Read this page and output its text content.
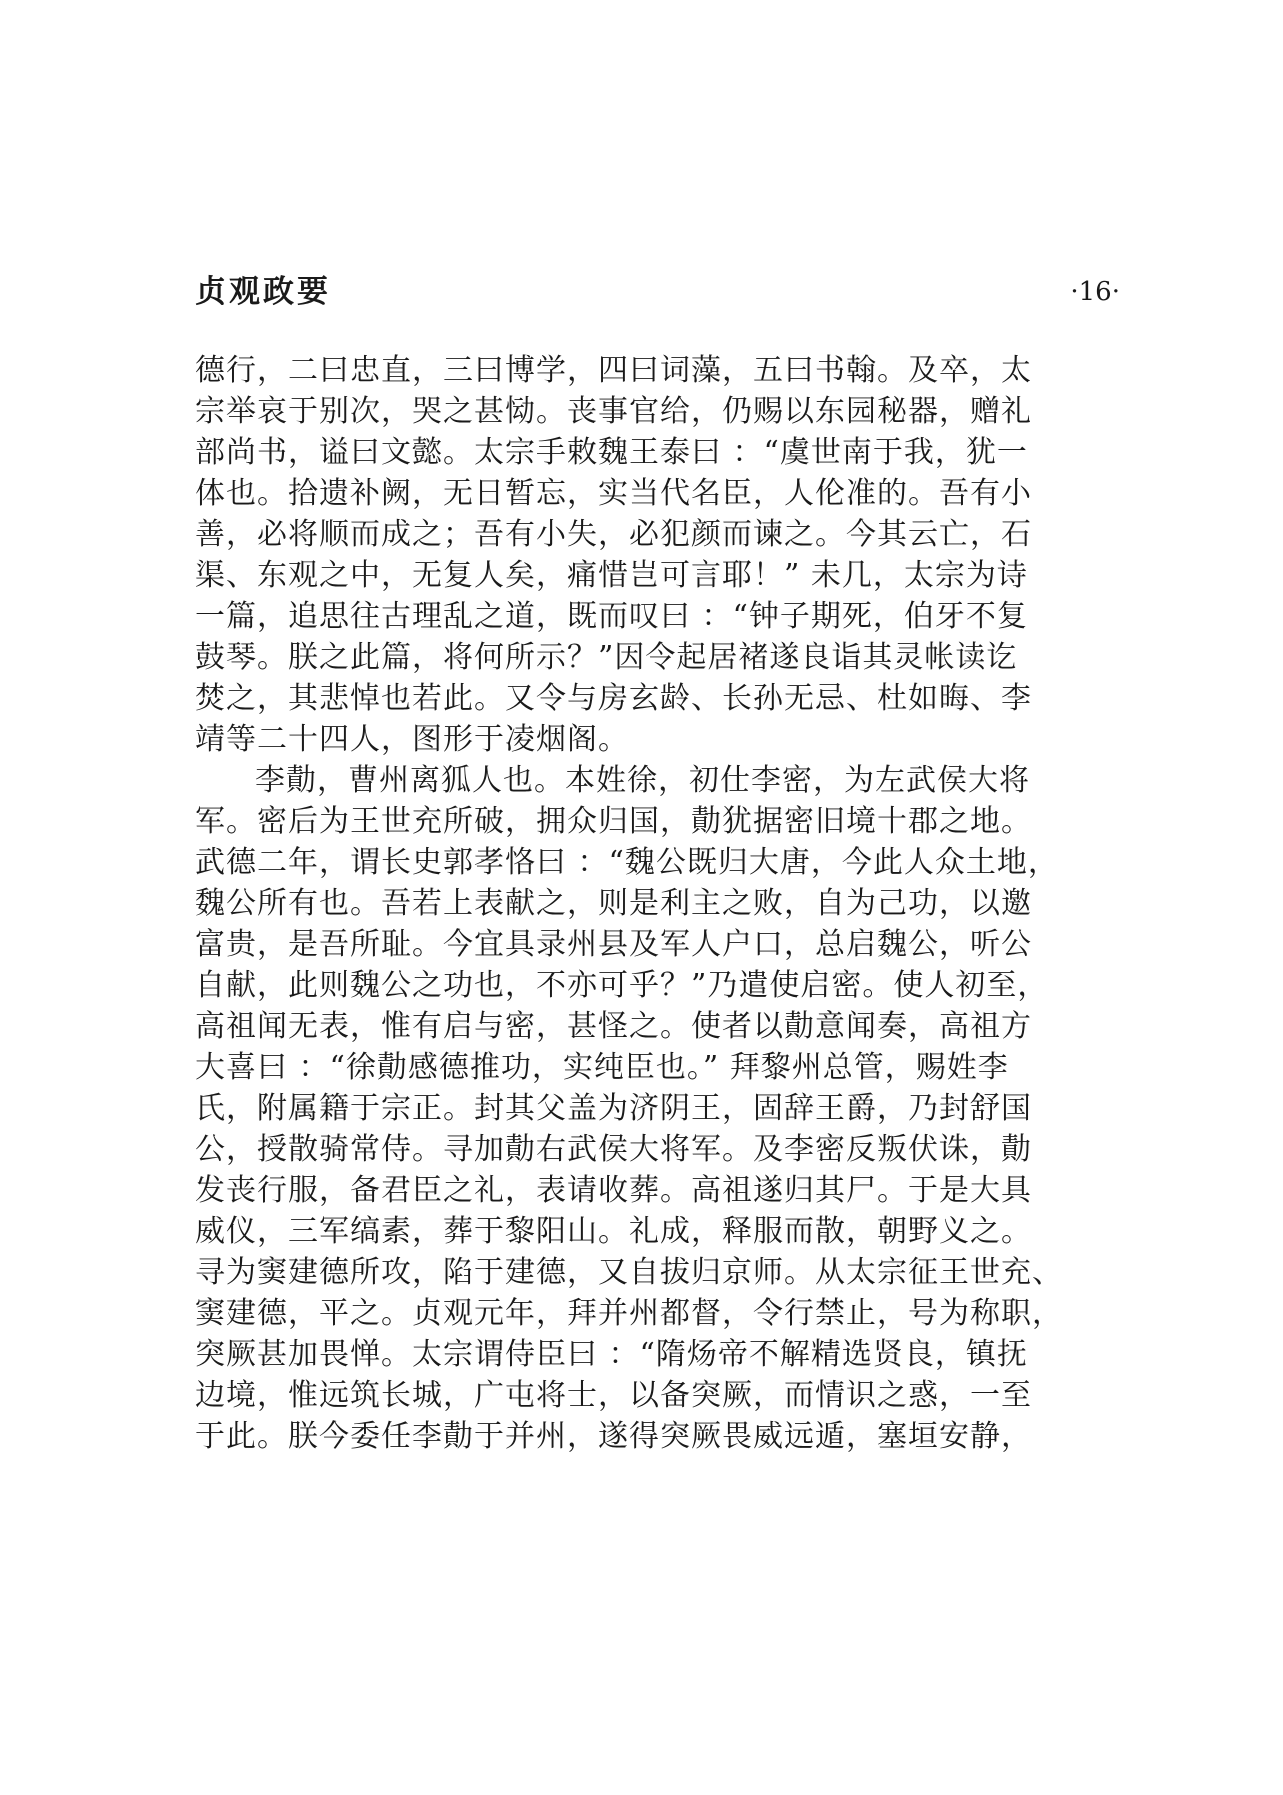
贞观政要	·16·
德行，二曰忠直，三曰博学，四曰词藻，五曰书翰。及卒，太
宗举哀于别次，哭之甚恸。丧事官给，仍赐以东园秘器，赠礼
部尚书，谥曰文懿。太宗手敕魏王泰曰 ：“虞世南于我，犹一
体也。拾遗补阙，无日暂忘，实当代名臣，人伦准的。吾有小
善，必将顺而成之；吾有小失，必犯颜而谏之。今其云亡，石
渠、东观之中，无复人矣，痛惜岂可言耶！” 未几，太宗为诗
一篇，追思往古理乱之道，既而叹曰 ：“钟子期死，伯牙不复
鼓琴。朕之此篇，将何所示？”因令起居褚遂良诣其灵帐读讫
焚之，其悲悼也若此。又令与房玄龄、长孙无忌、杜如晦、李
靖等二十四人，图形于凌烟阁。
李勣，曹州离狐人也。本姓徐，初仕李密，为左武侯大将
军。密后为王世充所破，拥众归国，勣犹据密旧境十郡之地。
武德二年，谓长史郭孝恪曰 ：“魏公既归大唐，今此人众土地，
魏公所有也。吾若上表献之，则是利主之败，自为己功，以邀
富贵，是吾所耻。今宜具录州县及军人户口，总启魏公，听公
自献，此则魏公之功也，不亦可乎？”乃遣使启密。使人初至，
高祖闻无表，惟有启与密，甚怪之。使者以勣意闻奏，高祖方
大喜曰 ：“徐勣感德推功，实纯臣也。” 拜黎州总管，赐姓李
氏，附属籍于宗正。封其父盖为济阴王，固辞王爵，乃封舒国
公，授散骑常侍。寻加勣右武侯大将军。及李密反叛伏诛，勣
发丧行服，备君臣之礼，表请收葬。高祖遂归其尸。于是大具
威仪，三军缟素，葬于黎阳山。礼成，释服而散，朝野义之。
寻为窦建德所攻，陷于建德，又自拔归京师。从太宗征王世充、
窦建德，平之。贞观元年，拜并州都督，令行禁止，号为称职，
突厥甚加畏惮。太宗谓侍臣曰 ：“隋炀帝不解精选贤良，镇抚
边境，惟远筑长城，广屯将士，以备突厥，而情识之惑，一至
于此。朕今委任李勣于并州，遂得突厥畏威远遁，塞垣安静，
